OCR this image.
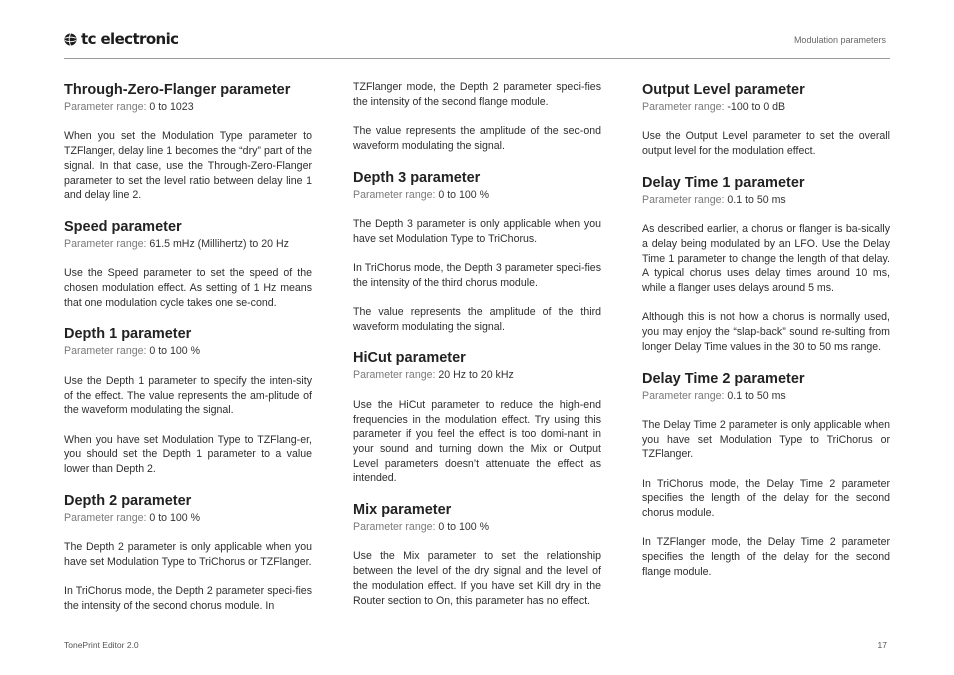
tc electronic	Modulation parameters
Through-Zero-Flanger parameter
Parameter range: 0 to 1023

When you set the Modulation Type parameter to TZFlanger, delay line 1 becomes the “dry” part of the signal. In that case, use the Through-Zero-Flanger parameter to set the level ratio between delay line 1 and delay line 2.

Speed parameter
Parameter range: 61.5 mHz (Millihertz) to 20 Hz

Use the Speed parameter to set the speed of the chosen modulation effect. As setting of 1 Hz means that one modulation cycle takes one se-cond.

Depth 1 parameter
Parameter range: 0 to 100 %

Use the Depth 1 parameter to specify the inten-sity of the effect. The value represents the am-plitude of the waveform modulating the signal.

When you have set Modulation Type to TZFlang-er, you should set the Depth 1 parameter to a value lower than Depth 2.

Depth 2 parameter
Parameter range: 0 to 100 %

The Depth 2 parameter is only applicable when you have set Modulation Type to TriChorus or TZFlanger.

In TriChorus mode, the Depth 2 parameter speci-fies the intensity of the second chorus module. In

TZFlanger mode, the Depth 2 parameter speci-fies the intensity of the second flange module.

The value represents the amplitude of the sec-ond waveform modulating the signal.

Depth 3 parameter
Parameter range: 0 to 100 %

The Depth 3 parameter is only applicable when you have set Modulation Type to TriChorus.

In TriChorus mode, the Depth 3 parameter speci-fies the intensity of the third chorus module.

The value represents the amplitude of the third waveform modulating the signal.

HiCut parameter
Parameter range: 20 Hz to 20 kHz

Use the HiCut parameter to reduce the high-end frequencies in the modulation effect. Try using this parameter if you feel the effect is too domi-nant in your sound and turning down the Mix or Output Level parameters doesn’t attenuate the effect as intended.

Mix parameter
Parameter range: 0 to 100 %

Use the Mix parameter to set the relationship between the level of the dry signal and the level of the modulation effect. If you have set Kill dry in the Router section to On, this parameter has no effect.

Output Level parameter
Parameter range: -100 to 0 dB

Use the Output Level parameter to set the overall output level for the modulation effect.

Delay Time 1 parameter
Parameter range: 0.1 to 50 ms

As described earlier, a chorus or flanger is ba-sically a delay being modulated by an LFO. Use the Delay Time 1 parameter to change the length of that delay. A typical chorus uses delay times around 10 ms, while a flanger uses delays around 5 ms.

Although this is not how a chorus is normally used, you may enjoy the “slap-back” sound re-sulting from longer Delay Time values in the 30 to 50 ms range.

Delay Time 2 parameter
Parameter range: 0.1 to 50 ms

The Delay Time 2 parameter is only applicable when you have set Modulation Type to TriChorus or TZFlanger.

In TriChorus mode, the Delay Time 2 parameter specifies the length of the delay for the second chorus module.

In TZFlanger mode, the Delay Time 2 parameter specifies the length of the delay for the second flange module.

TonePrint Editor 2.0	17
